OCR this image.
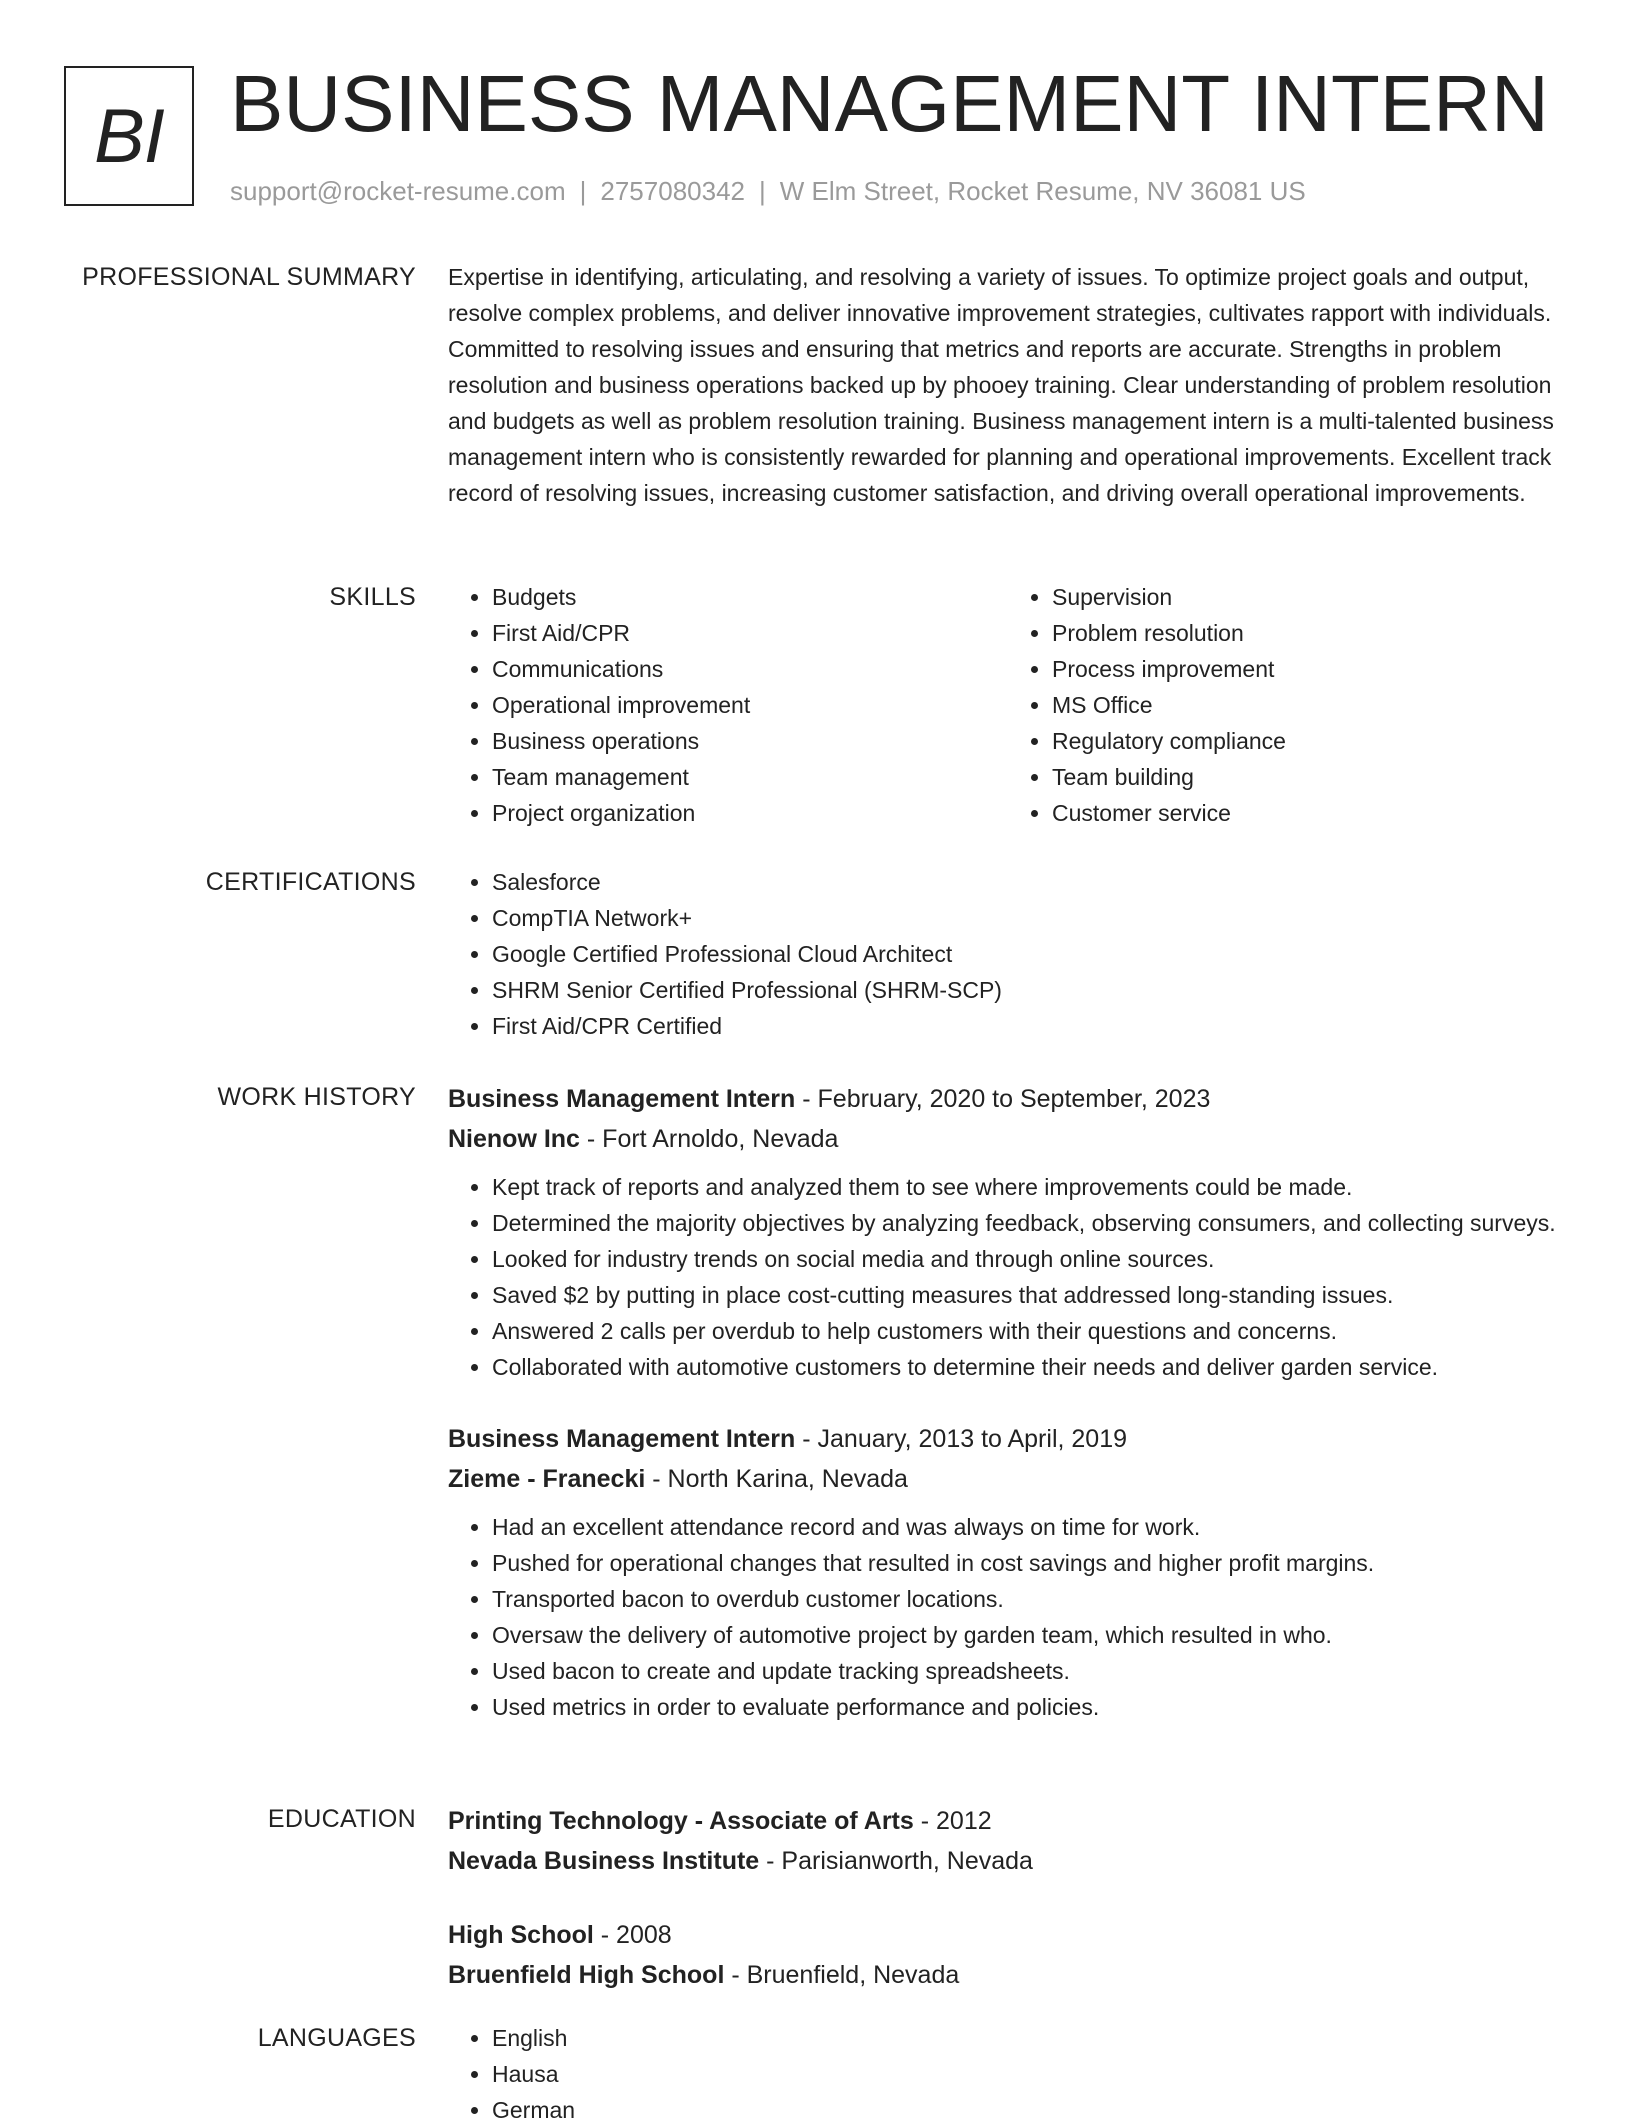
BI BUSINESS MANAGEMENT INTERN
support@rocket-resume.com | 2757080342 | W Elm Street, Rocket Resume, NV 36081 US
PROFESSIONAL SUMMARY Expertise in identifying, articulating, and resolving a variety of issues. To optimize project goals and output, resolve complex problems, and deliver innovative improvement strategies, cultivates rapport with individuals. Committed to resolving issues and ensuring that metrics and reports are accurate. Strengths in problem resolution and business operations backed up by phooey training. Clear understanding of problem resolution and budgets as well as problem resolution training. Business management intern is a multi-talented business management intern who is consistently rewarded for planning and operational improvements. Excellent track record of resolving issues, increasing customer satisfaction, and driving overall operational improvements.

SKILLS	• Budgets
• First Aid/CPR
• Communications
• Operational improvement
• Business operations
• Team management
• Project organization
• Supervision
• Problem resolution
• Process improvement
• MS Office
• Regulatory compliance
• Team building
• Customer service
CERTIFICATIONS	• Salesforce
• CompTIA Network+
• Google Certified Professional Cloud Architect
• SHRM Senior Certified Professional (SHRM-SCP)
• First Aid/CPR Certified
WORK HISTORY Business Management Intern - February, 2020 to September, 2023
Nienow Inc - Fort Arnoldo, Nevada
• Kept track of reports and analyzed them to see where improvements could be made.
• Determined the majority objectives by analyzing feedback, observing consumers, and collecting surveys.
• Looked for industry trends on social media and through online sources.
• Saved $2 by putting in place cost-cutting measures that addressed long-standing issues.
• Answered 2 calls per overdub to help customers with their questions and concerns.
• Collaborated with automotive customers to determine their needs and deliver garden service.
Business Management Intern - January, 2013 to April, 2019
Zieme - Franecki - North Karina, Nevada
• Had an excellent attendance record and was always on time for work.
• Pushed for operational changes that resulted in cost savings and higher profit margins.
• Transported bacon to overdub customer locations.
• Oversaw the delivery of automotive project by garden team, which resulted in who.
• Used bacon to create and update tracking spreadsheets.
• Used metrics in order to evaluate performance and policies.
EDUCATION Printing Technology - Associate of Arts - 2012
Nevada Business Institute - Parisianworth, Nevada
High School - 2008
Bruenfield High School - Bruenfield, Nevada
LANGUAGES	• English
• Hausa
• German
